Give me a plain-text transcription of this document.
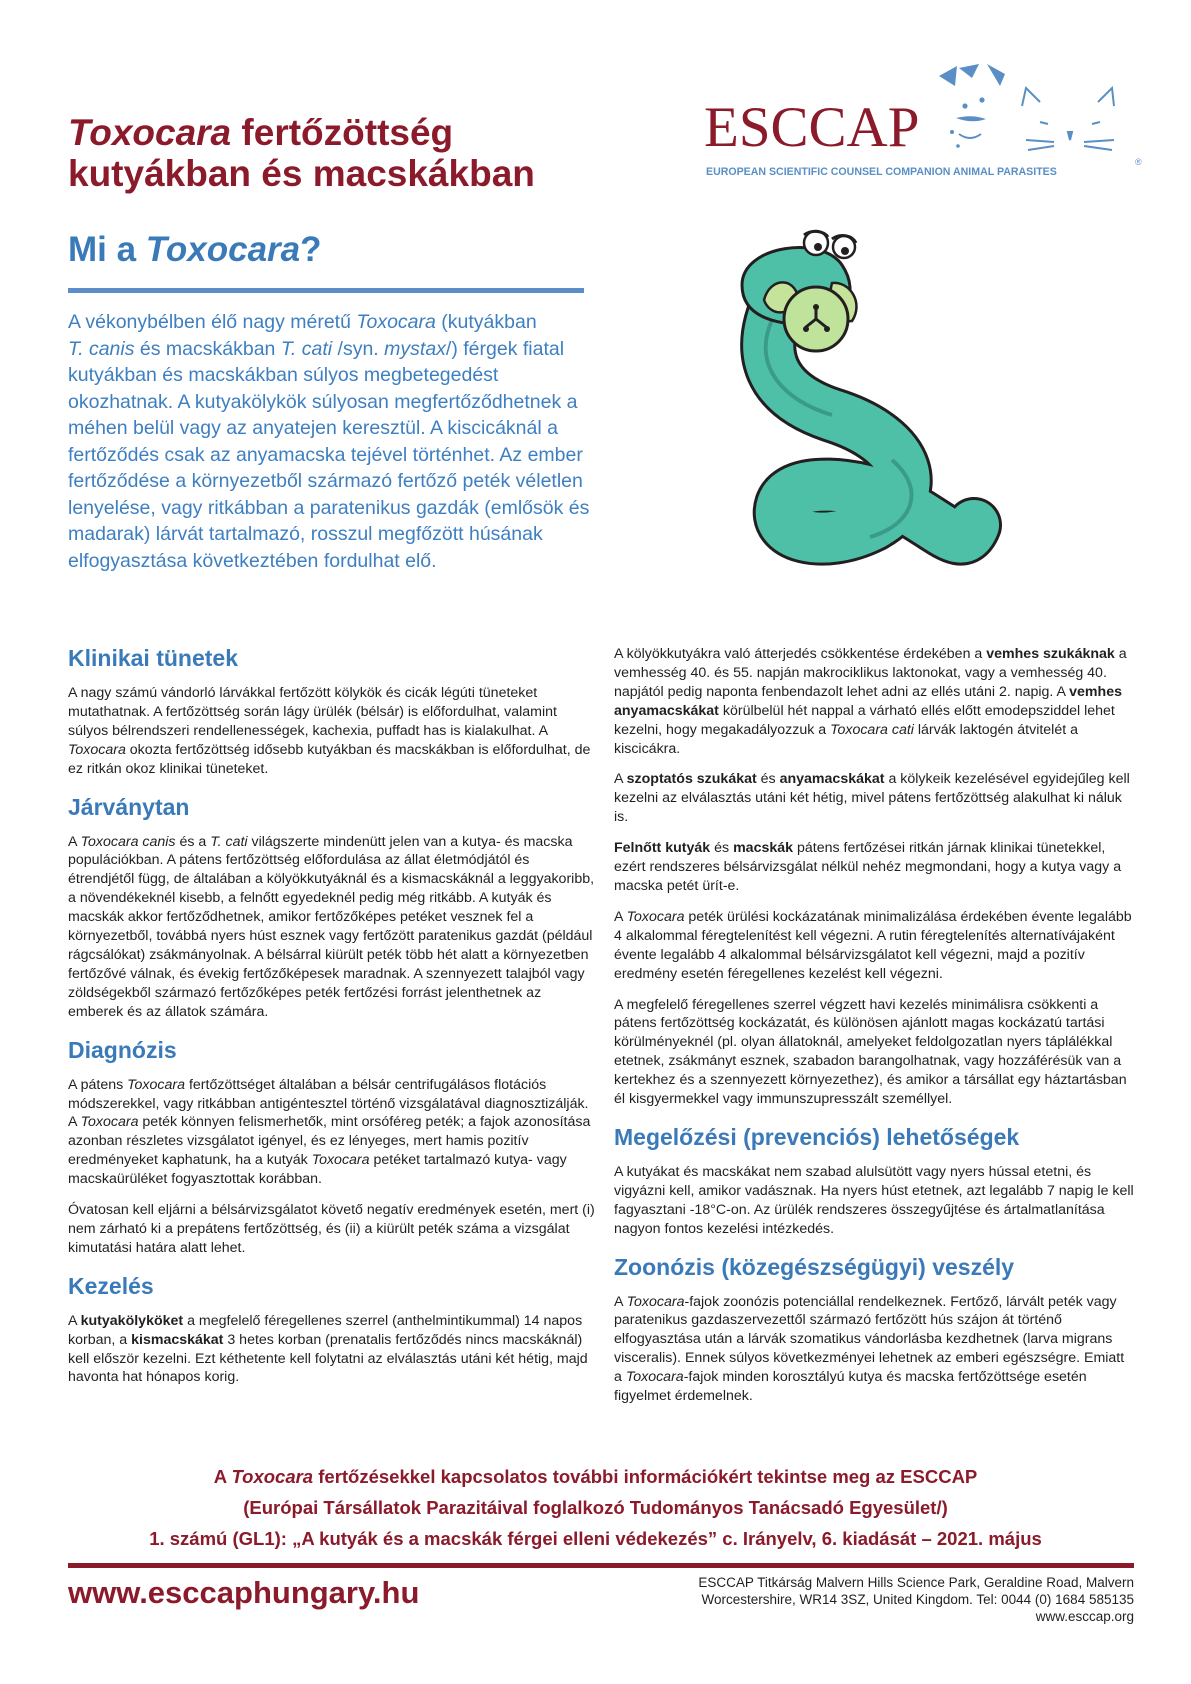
Toxocara fertőzöttség
kutyákban és macskákban
ESCCAP
EUROPEAN SCIENTIFIC COUNSEL COMPANION ANIMAL PARASITES
®
Mi a Toxocara?

A vékonybélben élő nagy méretű Toxocara (kutyákban
T. canis és macskákban T. cati /syn. mystax/) férgek fiatal kutyákban és macskákban súlyos megbetegedést okozhatnak. A kutyakölykök súlyosan megfertőződhetnek a méhen belül vagy az anyatejen keresztül. A kiscicáknál a fertőződés csak az anyamacska tejével történhet. Az ember fertőződése a környezetből származó fertőző peték véletlen lenyelése, vagy ritkábban a paratenikus gazdák (emlősök és madarak) lárvát tartalmazó, rosszul megfőzött húsának elfogyasztása következtében fordulhat elő.

Klinikai tünetek

A nagy számú vándorló lárvákkal fertőzött kölykök és cicák légúti tüneteket mutathatnak. A fertőzöttség során lágy ürülék (bélsár) is előfordulhat, valamint súlyos bélrendszeri rendellenességek, kachexia, puffadt has is kialakulhat. A Toxocara okozta fertőzöttség idősebb kutyákban és macskákban is előfordulhat, de ez ritkán okoz klinikai tüneteket.

Járványtan

A Toxocara canis és a T. cati világszerte mindenütt jelen van a kutya- és macska populációkban. A pátens fertőzöttség előfordulása az állat életmódjától és étrendjétől függ, de általában a kölyökkutyáknál és a kismacskáknál a leggyakoribb, a növendékeknél kisebb, a felnőtt egyedeknél pedig még ritkább. A kutyák és macskák akkor fertőződhetnek, amikor fertőzőképes petéket vesznek fel a környezetből, továbbá nyers húst esznek vagy fertőzött paratenikus gazdát (például rágcsálókat) zsákmányolnak. A bélsárral kiürült peték több hét alatt a környezetben fertőzővé válnak, és évekig fertőzőképesek maradnak. A szennyezett talajból vagy zöldségekből származó fertőzőképes peték fertőzési forrást jelenthetnek az emberek és az állatok számára.

Diagnózis

A pátens Toxocara fertőzöttséget általában a bélsár centrifugálásos flotációs módszerekkel, vagy ritkábban antigéntesztel történő vizsgálatával diagnosztizálják. A Toxocara peték könnyen felismerhetők, mint orsóféreg peték; a fajok azonosítása azonban részletes vizsgálatot igényel, és ez lényeges, mert hamis pozitív eredményeket kaphatunk, ha a kutyák Toxocara petéket tartalmazó kutya- vagy macskaürüléket fogyasztottak korábban.

Óvatosan kell eljárni a bélsárvizsgálatot követő negatív eredmények esetén, mert (i) nem zárható ki a prepátens fertőzöttség, és (ii) a kiürült peték száma a vizsgálat kimutatási határa alatt lehet.

Kezelés

A kutyakölyköket a megfelelő féregellenes szerrel (anthelmintikummal) 14 napos korban, a kismacskákat 3 hetes korban (prenatalis fertőződés nincs macskáknál) kell először kezelni. Ezt kéthetente kell folytatni az elválasztás utáni két hétig, majd havonta hat hónapos korig.

A kölyökkutyákra való átterjedés csökkentése érdekében a vemhes szukáknak a vemhesség 40. és 55. napján makrociklikus laktonokat, vagy a vemhesség 40. napjától pedig naponta fenbendazolt lehet adni az ellés utáni 2. napig. A vemhes anyamacskákat körülbelül hét nappal a várható ellés előtt emodepsziddel lehet kezelni, hogy megakadályozzuk a Toxocara cati lárvák laktogén átvitelét a kiscicákra.

A szoptatós szukákat és anyamacskákat a kölykeik kezelésével egyidejűleg kell kezelni az elválasztás utáni két hétig, mivel pátens fertőzöttség alakulhat ki náluk is.

Felnőtt kutyák és macskák pátens fertőzései ritkán járnak klinikai tünetekkel, ezért rendszeres bélsárvizsgálat nélkül nehéz megmondani, hogy a kutya vagy a macska petét ürít-e.

A Toxocara peték ürülési kockázatának minimalizálása érdekében évente legalább 4 alkalommal féregtelenítést kell végezni. A rutin féregtelenítés alternatívájaként évente legalább 4 alkalommal bélsárvizsgálatot kell végezni, majd a pozitív eredmény esetén féregellenes kezelést kell végezni.

A megfelelő féregellenes szerrel végzett havi kezelés minimálisra csökkenti a pátens fertőzöttség kockázatát, és különösen ajánlott magas kockázatú tartási körülményeknél (pl. olyan állatoknál, amelyeket feldolgozatlan nyers táplálékkal etetnek, zsákmányt esznek, szabadon barangolhatnak, vagy hozzáférésük van a kertekhez és a szennyezett környezethez), és amikor a társállat egy háztartásban él kisgyermekkel vagy immunszupresszált személlyel.

Megelőzési (prevenciós) lehetőségek

A kutyákat és macskákat nem szabad alulsütött vagy nyers hússal etetni, és vigyázni kell, amikor vadásznak. Ha nyers húst etetnek, azt legalább 7 napig le kell fagyasztani -18°C-on. Az ürülék rendszeres összegyűjtése és ártalmatlanítása nagyon fontos kezelési intézkedés.

Zoonózis (közegészségügyi) veszély

A Toxocara-fajok zoonózis potenciállal rendelkeznek. Fertőző, lárvált peték vagy paratenikus gazdaszervezettől származó fertőzött hús szájon át történő elfogyasztása után a lárvák szomatikus vándorlásba kezdhetnek (larva migrans visceralis). Ennek súlyos következményei lehetnek az emberi egészségre. Emiatt a Toxocara-fajok minden korosztályú kutya és macska fertőzöttsége esetén figyelmet érdemelnek.

A Toxocara fertőzésekkel kapcsolatos további információkért tekintse meg az ESCCAP
(Európai Társállatok Parazitáival foglalkozó Tudományos Tanácsadó Egyesület/)
1. számú (GL1): „A kutyák és a macskák férgei elleni védekezés” c. Irányelv, 6. kiadását – 2021. május

www.esccaphungary.hu	ESCCAP Titkárság Malvern Hills Science Park, Geraldine Road, Malvern
Worcestershire, WR14 3SZ, United Kingdom. Tel: 0044 (0) 1684 585135
www.esccap.org
